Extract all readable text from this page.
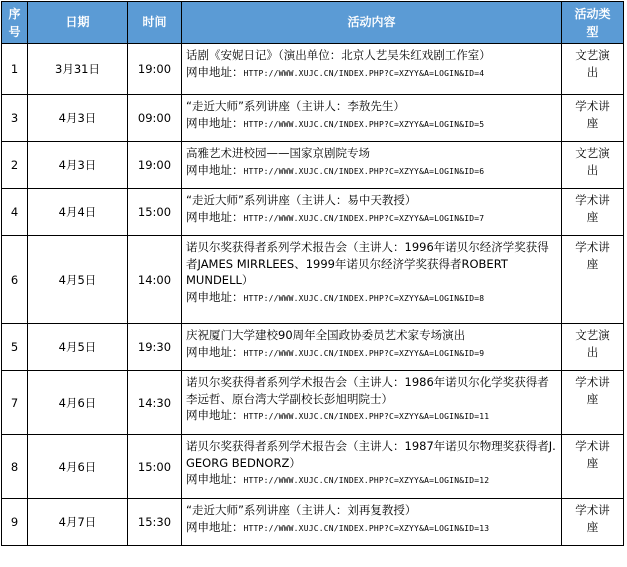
序号	日期	时间	活动内容	活动类型
1	3月31日	19:00	话剧《安妮日记》（演出单位：北京人艺吴朱红戏剧工作室）
网申地址：HTTP://WWW.XUJC.CN/INDEX.PHP?C=XZYY&A=LOGIN&ID=4	文艺演出
3	4月3日	09:00	“走近大师”系列讲座（主讲人：李敖先生）
网申地址：HTTP://WWW.XUJC.CN/INDEX.PHP?C=XZYY&A=LOGIN&ID=5	学术讲座
2	4月3日	19:00	高雅艺术进校园——国家京剧院专场
网申地址：HTTP://WWW.XUJC.CN/INDEX.PHP?C=XZYY&A=LOGIN&ID=6	文艺演出
4	4月4日	15:00	“走近大师”系列讲座（主讲人：易中天教授）
网申地址：HTTP://WWW.XUJC.CN/INDEX.PHP?C=XZYY&A=LOGIN&ID=7	学术讲座
6	4月5日	14:00	诺贝尔奖获得者系列学术报告会（主讲人：1996年诺贝尔经济学奖获得者JAMES MIRRLEES、1999年诺贝尔经济学奖获得者ROBERT MUNDELL）
网申地址：HTTP://WWW.XUJC.CN/INDEX.PHP?C=XZYY&A=LOGIN&ID=8	学术讲座
5	4月5日	19:30	庆祝厦门大学建校90周年全国政协委员艺术家专场演出
网申地址：HTTP://WWW.XUJC.CN/INDEX.PHP?C=XZYY&A=LOGIN&ID=9	文艺演出
7	4月6日	14:30	诺贝尔奖获得者系列学术报告会（主讲人：1986年诺贝尔化学奖获得者李远哲、原台湾大学副校长彭旭明院士）
网申地址：HTTP://WWW.XUJC.CN/INDEX.PHP?C=XZYY&A=LOGIN&ID=11	学术讲座
8	4月6日	15:00	诺贝尔奖获得者系列学术报告会（主讲人：1987年诺贝尔物理奖获得者J. GEORG BEDNORZ）
网申地址：HTTP://WWW.XUJC.CN/INDEX.PHP?C=XZYY&A=LOGIN&ID=12	学术讲座
9	4月7日	15:30	“走近大师”系列讲座（主讲人：刘再复教授）
网申地址：HTTP://WWW.XUJC.CN/INDEX.PHP?C=XZYY&A=LOGIN&ID=13	学术讲座
